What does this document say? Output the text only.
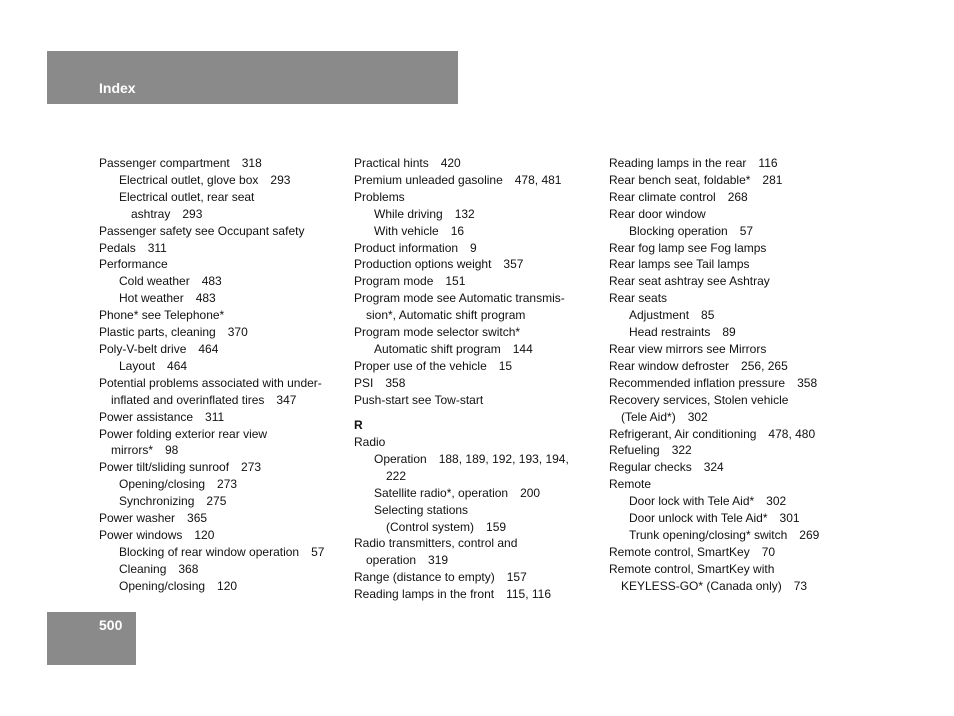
Index
Passenger compartment 318
Electrical outlet, glove box 293
Electrical outlet, rear seat
ashtray 293
Passenger safety see Occupant safety
Pedals 311
Performance
Cold weather 483
Hot weather 483
Phone* see Telephone*
Plastic parts, cleaning 370
Poly-V-belt drive 464
Layout 464
Potential problems associated with under-
inflated and overinflated tires 347
Power assistance 311
Power folding exterior rear view
mirrors* 98
Power tilt/sliding sunroof 273
Opening/closing 273
Synchronizing 275
Power washer 365
Power windows 120
Blocking of rear window operation 57
Cleaning 368
Opening/closing 120
Practical hints 420
Premium unleaded gasoline 478, 481
Problems
While driving 132
With vehicle 16
Product information 9
Production options weight 357
Program mode 151
Program mode see Automatic transmis-
sion*, Automatic shift program
Program mode selector switch*
Automatic shift program 144
Proper use of the vehicle 15
PSI 358
Push-start see Tow-start
R
Radio
Operation 188, 189, 192, 193, 194,
222
Satellite radio*, operation 200
Selecting stations
(Control system) 159
Radio transmitters, control and
operation 319
Range (distance to empty) 157
Reading lamps in the front 115, 116
Reading lamps in the rear 116
Rear bench seat, foldable* 281
Rear climate control 268
Rear door window
Blocking operation 57
Rear fog lamp see Fog lamps
Rear lamps see Tail lamps
Rear seat ashtray see Ashtray
Rear seats
Adjustment 85
Head restraints 89
Rear view mirrors see Mirrors
Rear window defroster 256, 265
Recommended inflation pressure 358
Recovery services, Stolen vehicle
(Tele Aid*) 302
Refrigerant, Air conditioning 478, 480
Refueling 322
Regular checks 324
Remote
Door lock with Tele Aid* 302
Door unlock with Tele Aid* 301
Trunk opening/closing* switch 269
Remote control, SmartKey 70
Remote control, SmartKey with
KEYLESS-GO* (Canada only) 73
500
